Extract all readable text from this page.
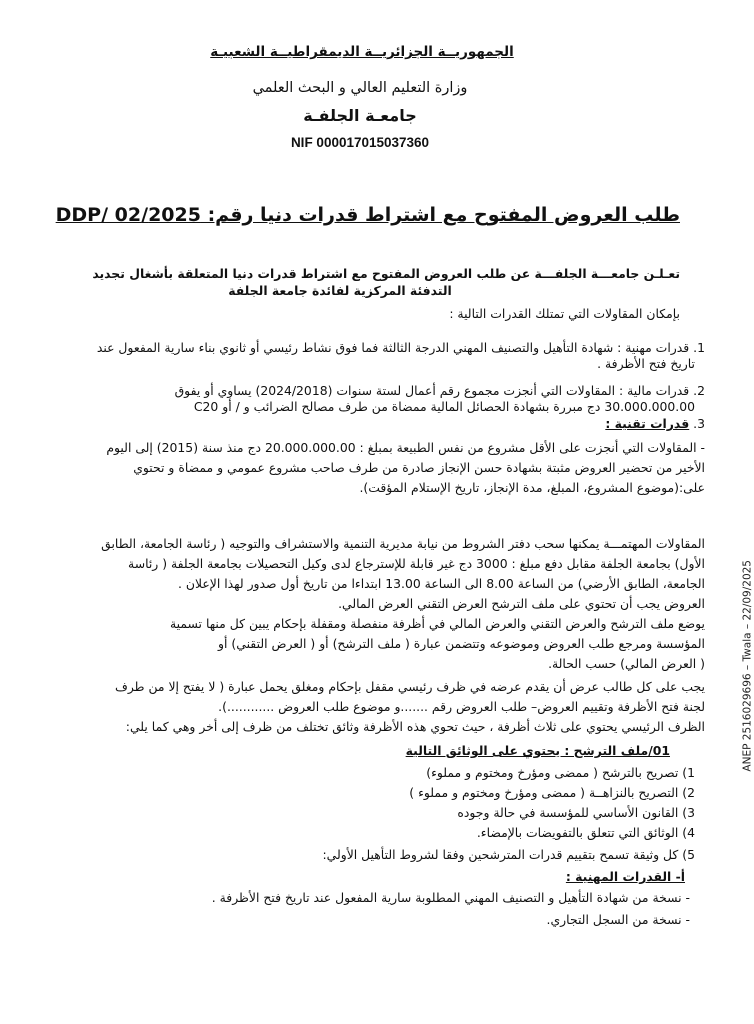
الجمهوريــة الجزائريــة الديمقراطيــة الشعبيـة
وزارة التعليم العالي و البحث العلمي
جامعـة الجلفـة
NIF 000017015037360
طلب العروض المفتوح مع اشتراط قدرات دنيا رقم: 2025/DDP/ 02
تعـلـن جامعـــة الجلفـــة عن طلب العروض المفتوح مع اشتراط قدرات دنيا المتعلقة بأشغال تجديد
التدفئة المركزية لفائدة جامعة الجلفة
بإمكان المقاولات التي تمتلك القدرات التالية :
1. قدرات مهنية : شهادة التأهيل والتصنيف المهني الدرجة الثالثة فما فوق نشاط رئيسي أو ثانوي بناء سارية المفعول عند
تاريخ فتح الأظرفة .
2. قدرات مالية : المقاولات التي أنجزت مجموع رقم أعمال لستة سنوات (2024/2018) يساوي أو يفوق
30.000.000.00 دج مبررة بشهادة الحصائل المالية ممضاة من طرف مصالح الضرائب و / أو C20
3. قدرات تقنية :
- المقاولات التي أنجزت على الأقل مشروع من نفس الطبيعة بمبلغ : 20.000.000.00 دج منذ سنة (2015) إلى اليوم
الأخير من تحضير العروض مثبتة بشهادة حسن الإنجاز صادرة من طرف صاحب مشروع عمومي و ممضاة و تحتوي
على:(موضوع المشروع، المبلغ، مدة الإنجاز، تاريخ الإستلام المؤقت).
المقاولات المهتمـــة يمكنها سحب دفتر الشروط من نيابة مديرية التنمية والاستشراف والتوجيه ( رئاسة الجامعة، الطابق
الأول) بجامعة الجلفة مقابل دفع مبلغ : 3000 دج غير قابلة للإسترجاع لدى وكيل التحصيلات بجامعة الجلفة ( رئاسة
الجامعة، الطابق الأرضي) من الساعة 8.00 الى الساعة 13.00 ابتداءا من تاريخ أول صدور لهذا الإعلان .
العروض يجب أن تحتوي على ملف الترشح العرض التقني العرض المالي.
يوضع ملف الترشح والعرض التقني والعرض المالي في أظرفة منفصلة ومقفلة بإحكام يبين كل منها تسمية
المؤسسة ومرجع طلب العروض وموضوعه وتتضمن عبارة ( ملف الترشح) أو ( العرض التقني) أو
( العرض المالي) حسب الحالة.
يجب على كل طالب عرض أن يقدم عرضه في ظرف رئيسي مقفل بإحكام ومغلق يحمل عبارة ( لا يفتح إلا من طرف
لجنة فتح الأظرفة وتقييم العروض– طلب العروض رقم .......و موضوع طلب العروض ............).
الظرف الرئيسي يحتوي على ثلاث أظرفة ، حيث تحوي هذه الأظرفة وثائق تختلف من ظرف إلى أخر وهي كما يلي:
01/ملف الترشح : يحتوي على الوثائق التالية
1) تصريح بالترشح ( ممضى ومؤرخ ومختوم و مملوء)
2) التصريح بالنزاهــة ( ممضى ومؤرخ ومختوم و مملوء )
3) القانون الأساسي للمؤسسة في حالة وجوده
4) الوثائق التي تتعلق بالتفويضات بالإمضاء.
5) كل وثيقة تسمح بتقييم قدرات المترشحين وفقا لشروط التأهيل الأولي:
أ- القدرات المهنية :
- نسخة من شهادة التأهيل و التصنيف المهني المطلوبة سارية المفعول عند تاريخ فتح الأظرفة .
- نسخة من السجل التجاري.
ANEP 2516029696 – Twala – 22/09/2025
